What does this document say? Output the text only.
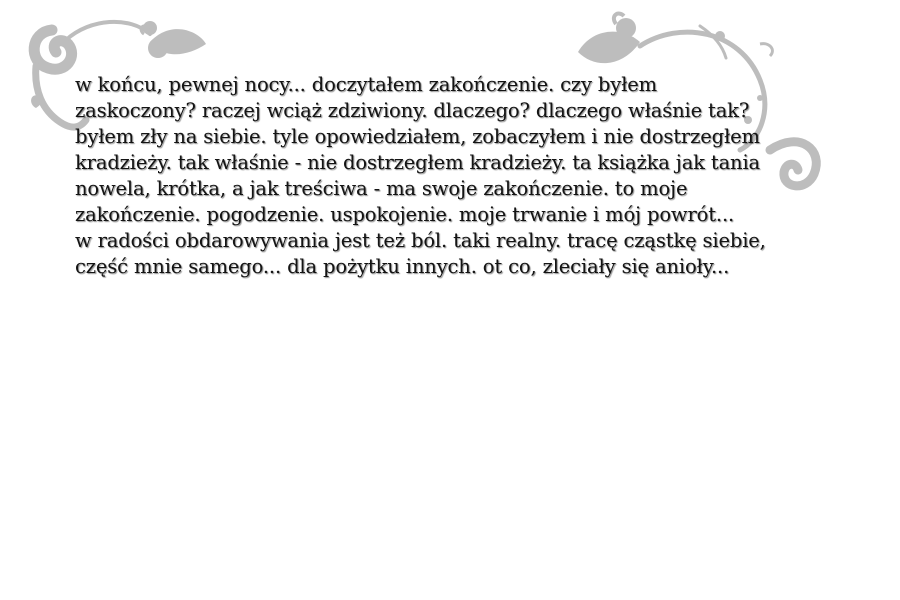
w końcu, pewnej nocy... doczytałem zakończenie. czy byłem
zaskoczony? raczej wciąż zdziwiony. dlaczego? dlaczego właśnie tak?
byłem zły na siebie. tyle opowiedziałem, zobaczyłem i nie dostrzegłem
kradzieży. tak właśnie - nie dostrzegłem kradzieży. ta książka jak tania
nowela, krótka, a jak treściwa - ma swoje zakończenie. to moje
zakończenie. pogodzenie. uspokojenie. moje trwanie i mój powrót...
w radości obdarowywania jest też ból. taki realny. tracę cząstkę siebie,
część mnie samego... dla pożytku innych. ot co, zleciały się anioły...
